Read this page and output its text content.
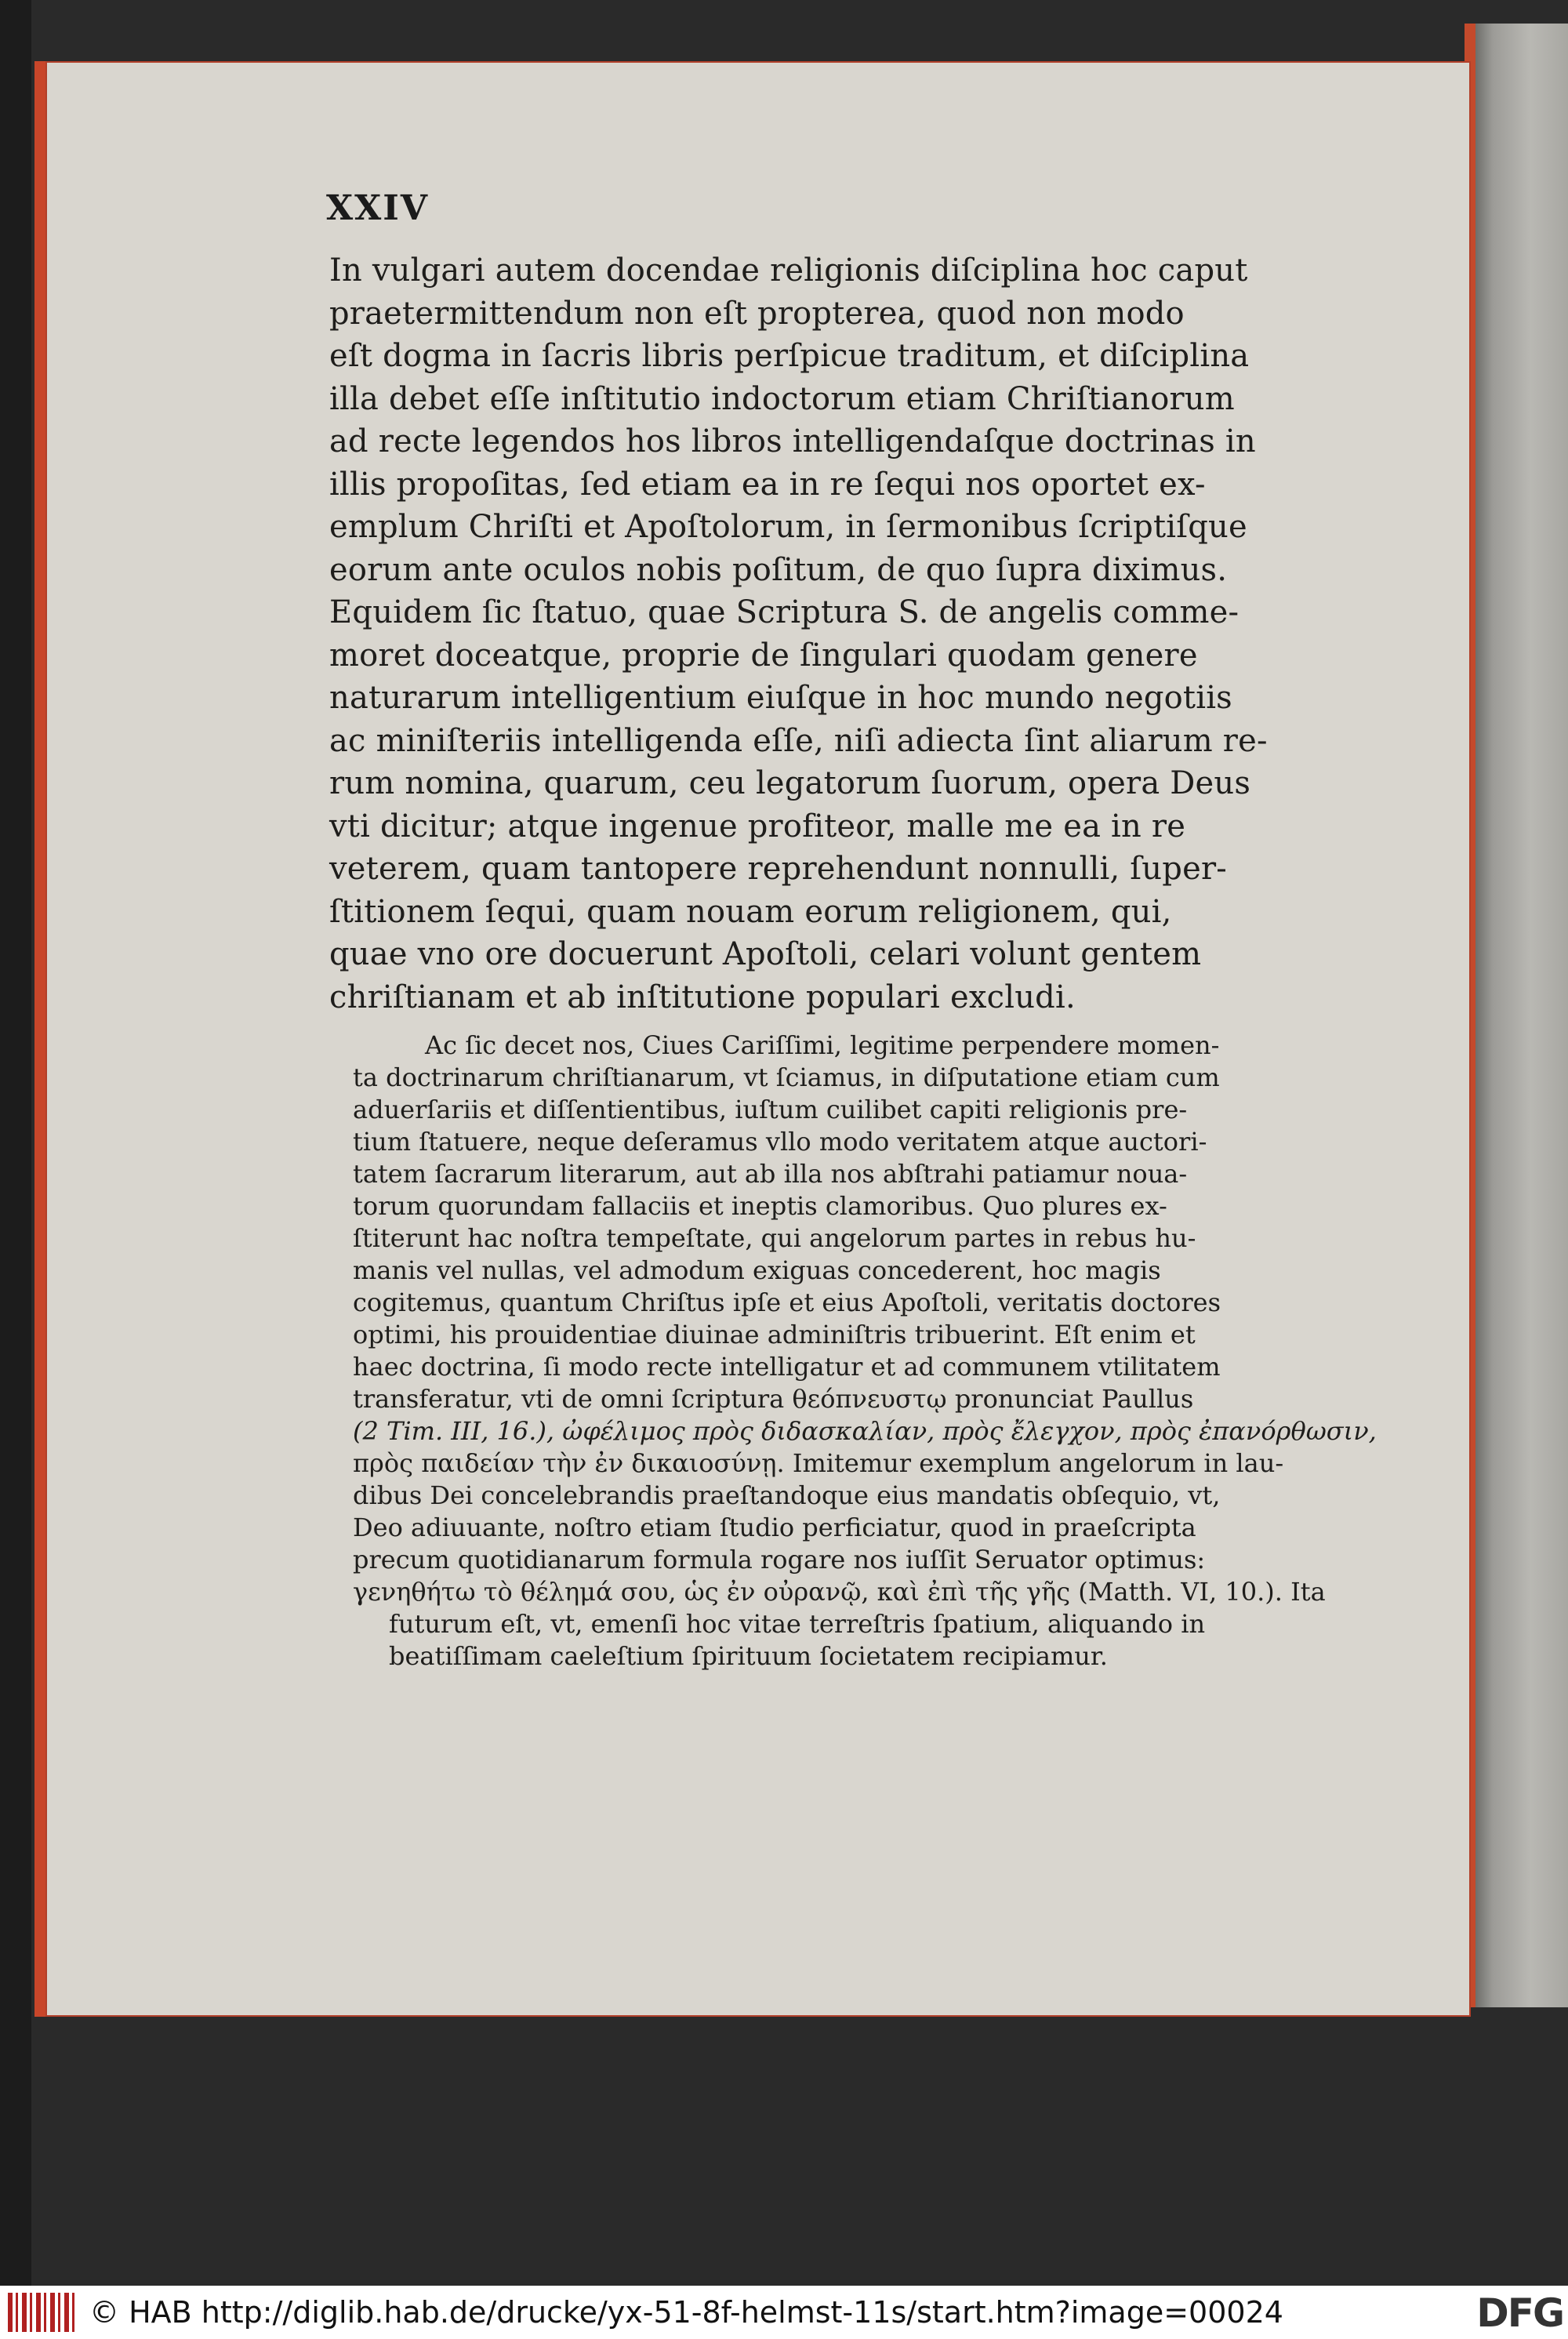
XXIV

In vulgari autem docendae religionis diſciplina hoc caput

praetermittendum non eſt propterea, quod non modo

eſt dogma in ſacris libris perſpicue traditum, et diſciplina

illa debet eſſe inſtitutio indoctorum etiam Chriſtianorum

ad recte legendos hos libros intelligendaſque doctrinas in

illis propoſitas, ſed etiam ea in re ſequi nos oportet ex-

emplum Chriſti et Apoſtolorum, in ſermonibus ſcriptiſque

eorum ante oculos nobis poſitum, de quo ſupra diximus.

Equidem ſic ſtatuo, quae Scriptura S. de angelis comme-

moret doceatque, proprie de ſingulari quodam genere

naturarum intelligentium eiuſque in hoc mundo negotiis

ac miniſteriis intelligenda eſſe, niſi adiecta ſint aliarum re-

rum nomina, quarum, ceu legatorum ſuorum, opera Deus

vti dicitur; atque ingenue profiteor, malle me ea in re

veterem, quam tantopere reprehendunt nonnulli, ſuper-

ſtitionem ſequi, quam nouam eorum religionem, qui,

quae vno ore docuerunt Apoſtoli, celari volunt gentem

chriſtianam et ab inſtitutione populari excludi.

Ac ſic decet nos, Ciues Cariſſimi, legitime perpendere momen-

ta doctrinarum chriſtianarum, vt ſciamus, in diſputatione etiam cum

aduerſariis et diſſentientibus, iuſtum cuilibet capiti religionis pre-

tium ſtatuere, neque deſeramus vllo modo veritatem atque auctori-

tatem ſacrarum literarum, aut ab illa nos abſtrahi patiamur noua-

torum quorundam fallaciis et ineptis clamoribus. Quo plures ex-

ſtiterunt hac noſtra tempeſtate, qui angelorum partes in rebus hu-

manis vel nullas, vel admodum exiguas concederent, hoc magis

cogitemus, quantum Chriſtus ipſe et eius Apoſtoli, veritatis doctores

optimi, his prouidentiae diuinae adminiſtris tribuerint. Eſt enim et

haec doctrina, ſi modo recte intelligatur et ad communem vtilitatem

transferatur, vti de omni ſcriptura θεόπνευστῳ pronunciat Paullus

(2 Tim. III, 16.), ὠφέλιμος πρὸς διδασκαλίαν, πρὸς ἔλεγχον, πρὸς ἐπανόρθωσιν,

πρὸς παιδείαν τὴν ἐν δικαιοσύνῃ. Imitemur exemplum angelorum in lau-

dibus Dei concelebrandis praeſtandoque eius mandatis obſequio, vt,

Deo adiuuante, noſtro etiam ſtudio perficiatur, quod in praeſcripta

precum quotidianarum formula rogare nos iuſſit Seruator optimus:

γενηθήτω τὸ θέλημά σου, ὡς ἐν οὐρανῷ, καὶ ἐπὶ τῆς γῆς (Matth. VI, 10.). Ita

futurum eſt, vt, emenſi hoc vitae terreſtris ſpatium, aliquando in

beatiſſimam caeleſtium ſpirituum ſocietatem recipiamur.

© HAB http://diglib.hab.de/drucke/yx-51-8f-helmst-11s/start.htm?image=00024	DFG
